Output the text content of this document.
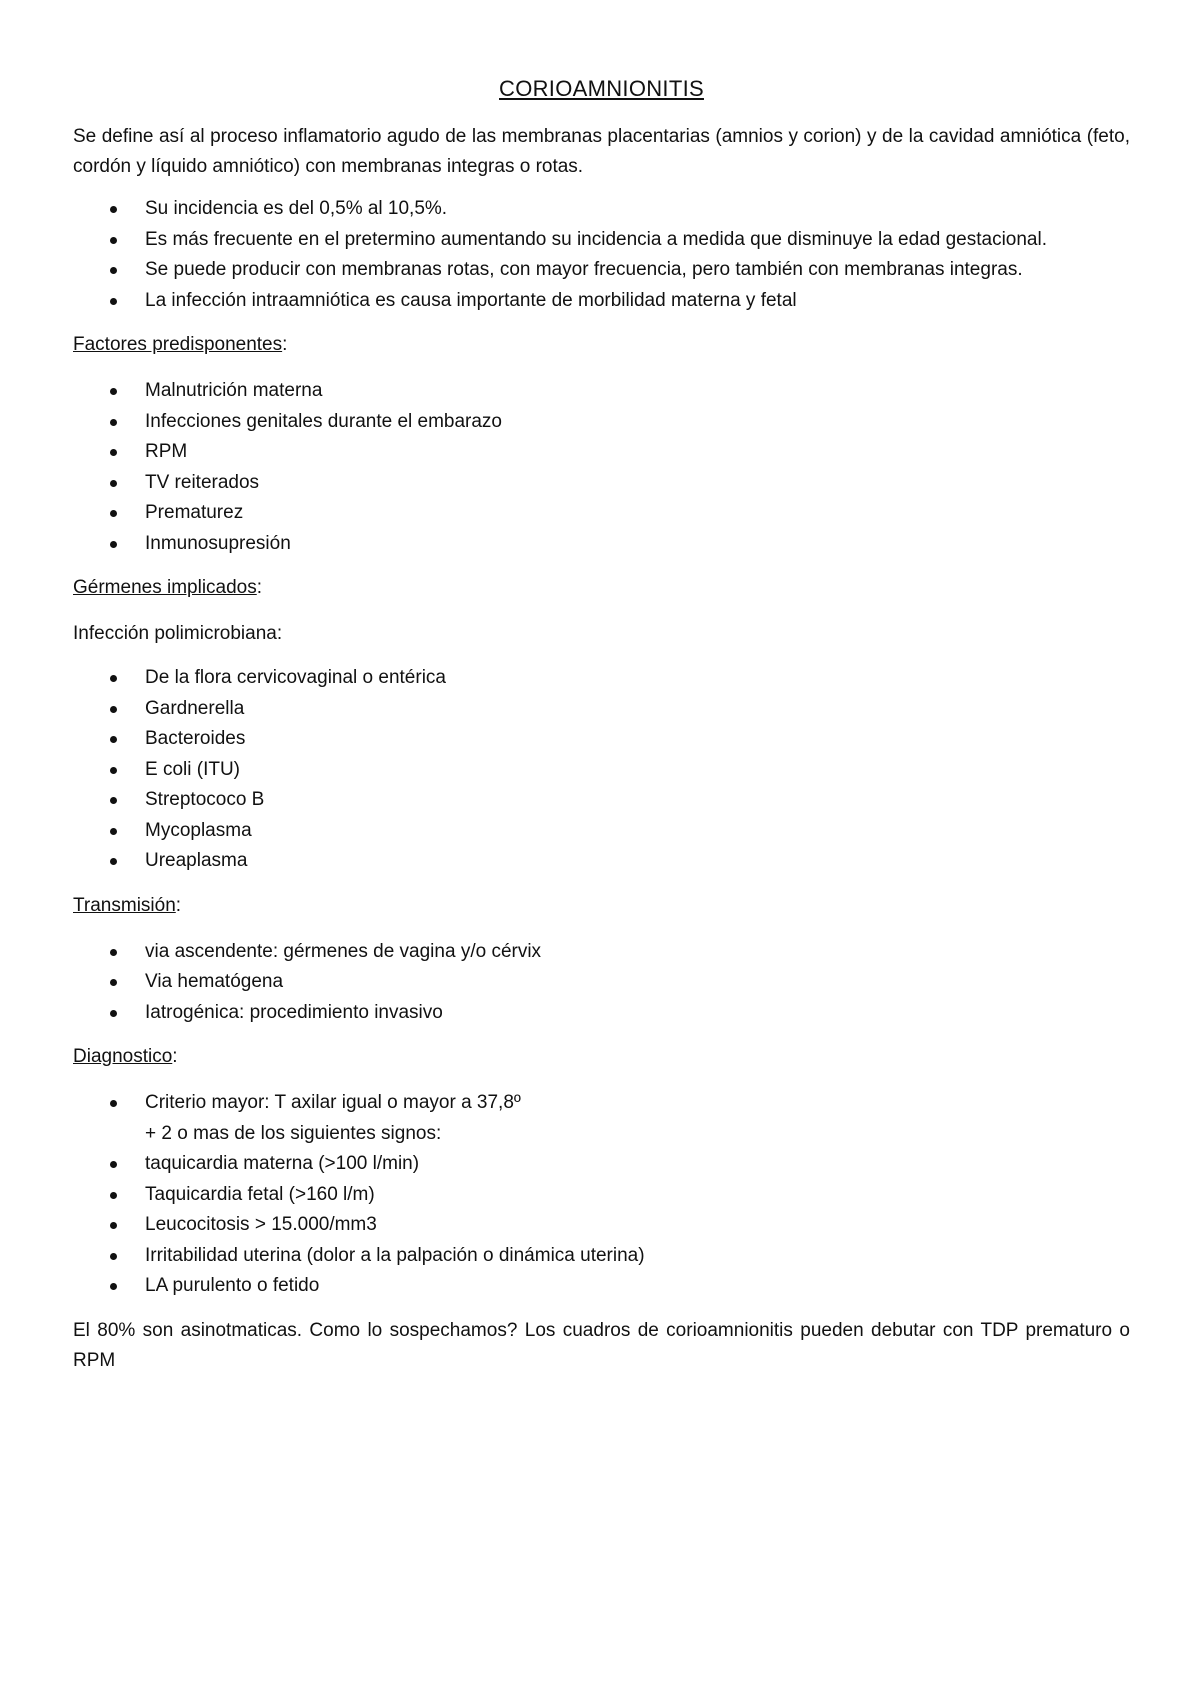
CORIOAMNIONITIS

Se define así al proceso inflamatorio agudo de las membranas placentarias (amnios y corion) y de la cavidad amniótica (feto, cordón y líquido amniótico) con membranas integras o rotas.

Su incidencia es del 0,5% al 10,5%.
Es más frecuente en el pretermino aumentando su incidencia a medida que disminuye la edad gestacional.
Se puede producir con membranas rotas, con mayor frecuencia, pero también con membranas integras.
La infección intraamniótica es causa importante de morbilidad materna y fetal
Factores predisponentes:
Malnutrición materna
Infecciones genitales durante el embarazo
RPM
TV reiterados
Prematurez
Inmunosupresión
Gérmenes implicados:
Infección polimicrobiana:
De la flora cervicovaginal o entérica
Gardnerella
Bacteroides
E coli (ITU)
Streptococo B
Mycoplasma
Ureaplasma
Transmisión:
via ascendente: gérmenes de vagina y/o cérvix
Via hematógena
Iatrogénica: procedimiento invasivo
Diagnostico:
Criterio mayor: T axilar igual o mayor a 37,8º
+ 2 o mas de los siguientes signos:
taquicardia materna (>100 l/min)
Taquicardia fetal (>160 l/m)
Leucocitosis > 15.000/mm3
Irritabilidad uterina (dolor a la palpación o dinámica uterina)
LA purulento o fetido

El 80% son asinotmaticas. Como lo sospechamos? Los cuadros de corioamnionitis pueden debutar con TDP prematuro o RPM
